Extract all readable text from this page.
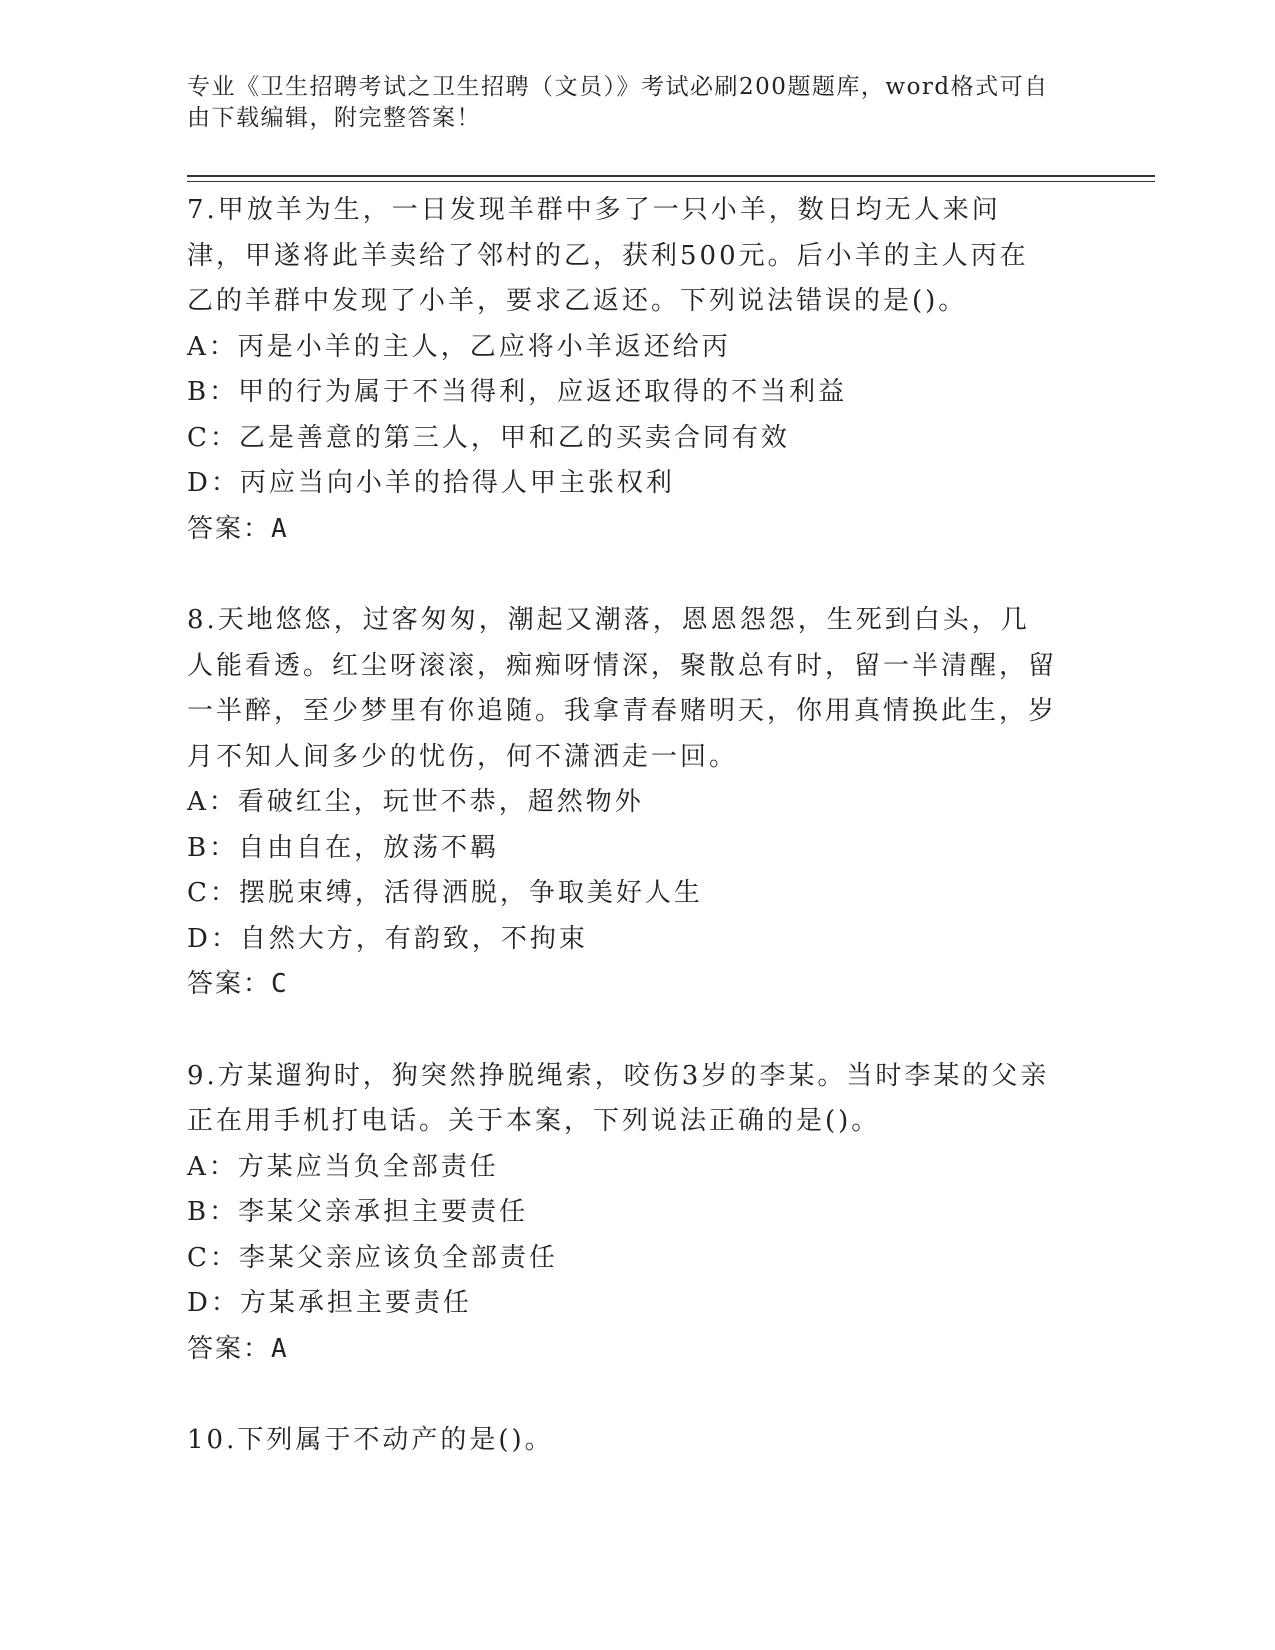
专业《卫生招聘考试之卫生招聘（文员）》考试必刷200题题库，word格式可自由下载编辑，附完整答案！

7.甲放羊为生，一日发现羊群中多了一只小羊，数日均无人来问津，甲遂将此羊卖给了邻村的乙，获利500元。后小羊的主人丙在乙的羊群中发现了小羊，要求乙返还。下列说法错误的是()。

A：丙是小羊的主人，乙应将小羊返还给丙

B：甲的行为属于不当得利，应返还取得的不当利益

C：乙是善意的第三人，甲和乙的买卖合同有效

D：丙应当向小羊的拾得人甲主张权利

答案：A

8.天地悠悠，过客匆匆，潮起又潮落，恩恩怨怨，生死到白头，几人能看透。红尘呀滚滚，痴痴呀情深，聚散总有时，留一半清醒，留一半醉，至少梦里有你追随。我拿青春赌明天，你用真情换此生，岁月不知人间多少的忧伤，何不潇洒走一回。

A：看破红尘，玩世不恭，超然物外

B：自由自在，放荡不羁

C：摆脱束缚，活得洒脱，争取美好人生

D：自然大方，有韵致，不拘束

答案：C

9.方某遛狗时，狗突然挣脱绳索，咬伤3岁的李某。当时李某的父亲正在用手机打电话。关于本案，下列说法正确的是()。

A：方某应当负全部责任

B：李某父亲承担主要责任

C：李某父亲应该负全部责任

D：方某承担主要责任

答案：A

10.下列属于不动产的是()。
